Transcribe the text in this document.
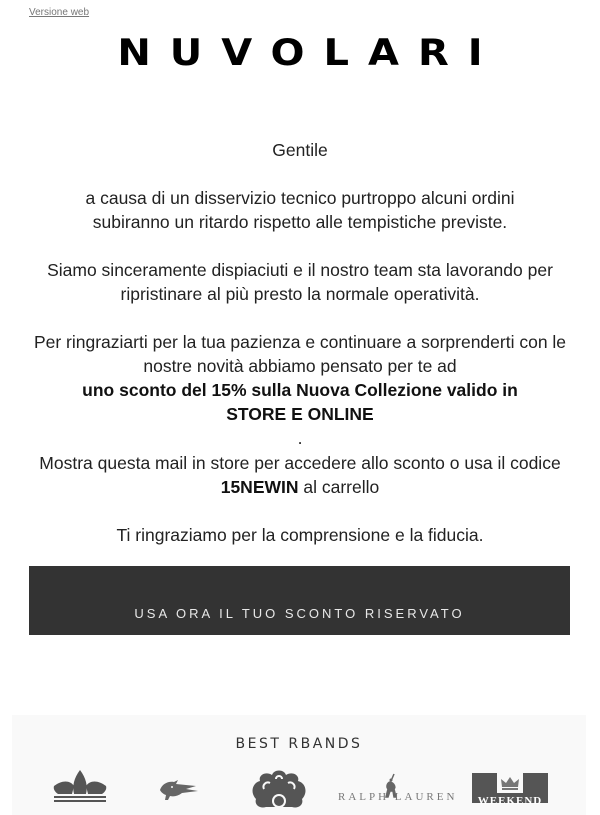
Versione web
NUVOLARI

Gentile

a causa di un disservizio tecnico purtroppo alcuni ordini subiranno un ritardo rispetto alle tempistiche previste.

Siamo sinceramente dispiaciuti e il nostro team sta lavorando per ripristinare al più presto la normale operatività.

Per ringraziarti per la tua pazienza e continuare a sorprenderti con le nostre novità abbiamo pensato per te ad
uno sconto del 15% sulla Nuova Collezione valido in STORE E ONLINE.

Mostra questa mail in store per accedere allo sconto o usa il codice 15NEWIN al carrello

Ti ringraziamo per la comprensione e la fiducia.

USA ORA IL TUO SCONTO RISERVATO
BEST RBANDS
RALPH LAUREN	WEEKEND
